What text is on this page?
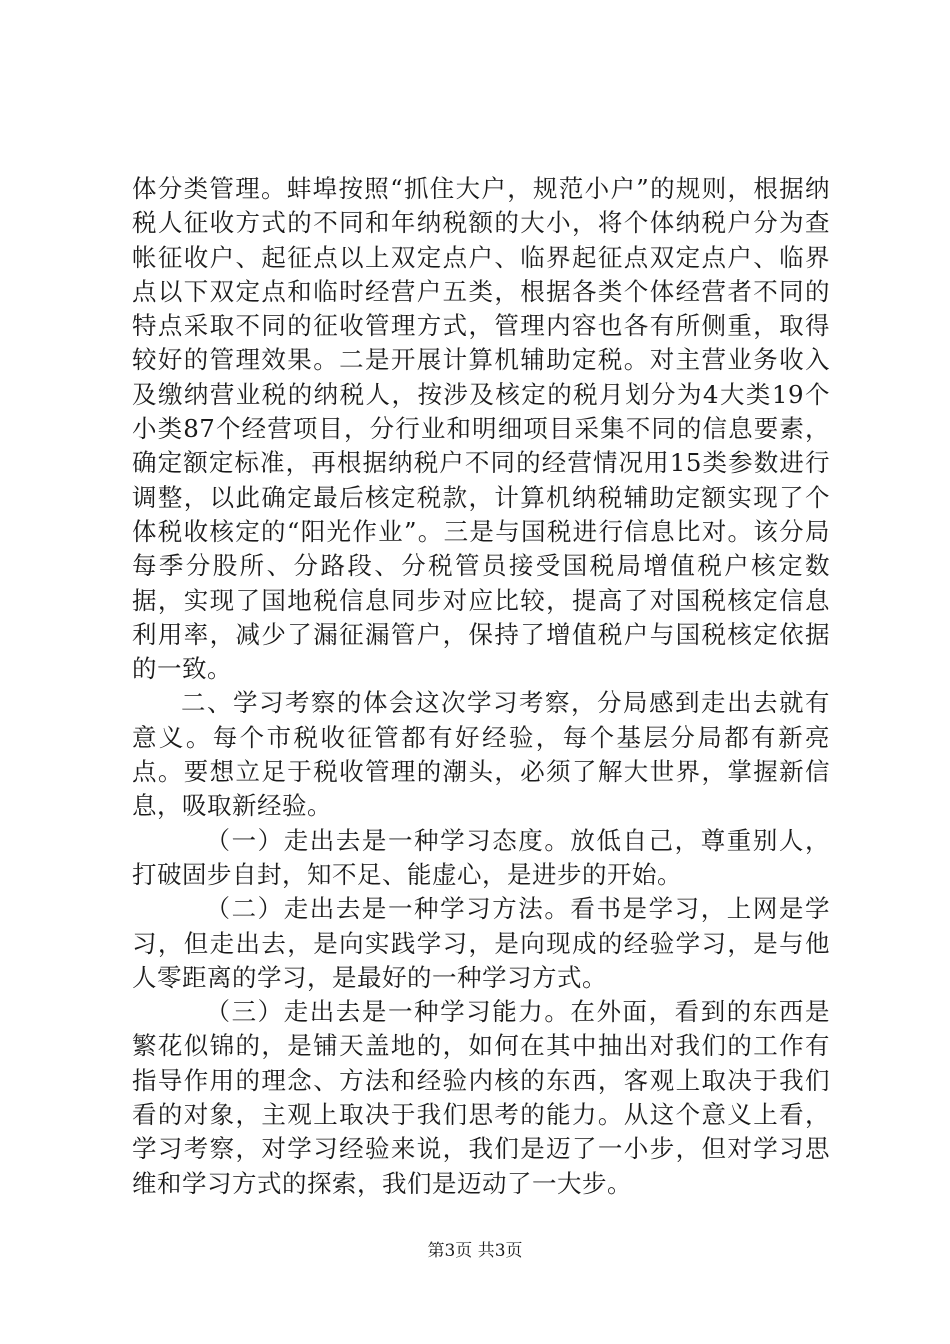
体分类管理。蚌埠按照“抓住大户，规范小户”的规则，根据纳税人征收方式的不同和年纳税额的大小，将个体纳税户分为查帐征收户、起征点以上双定点户、临界起征点双定点户、临界点以下双定点和临时经营户五类，根据各类个体经营者不同的特点采取不同的征收管理方式，管理内容也各有所侧重，取得较好的管理效果。二是开展计算机辅助定税。对主营业务收入及缴纳营业税的纳税人，按涉及核定的税月划分为4大类19个小类87个经营项目，分行业和明细项目采集不同的信息要素，确定额定标准，再根据纳税户不同的经营情况用15类参数进行调整，以此确定最后核定税款，计算机纳税辅助定额实现了个体税收核定的“阳光作业”。三是与国税进行信息比对。该分局每季分股所、分路段、分税管员接受国税局增值税户核定数据，实现了国地税信息同步对应比较，提高了对国税核定信息利用率，减少了漏征漏管户，保持了增值税户与国税核定依据的一致。

二、学习考察的体会这次学习考察，分局感到走出去就有意义。每个市税收征管都有好经验，每个基层分局都有新亮点。要想立足于税收管理的潮头，必须了解大世界，掌握新信息，吸取新经验。

（一）走出去是一种学习态度。放低自己，尊重别人，打破固步自封，知不足、能虚心，是进步的开始。

（二）走出去是一种学习方法。看书是学习，上网是学习，但走出去，是向实践学习，是向现成的经验学习，是与他人零距离的学习，是最好的一种学习方式。

（三）走出去是一种学习能力。在外面，看到的东西是繁花似锦的，是铺天盖地的，如何在其中抽出对我们的工作有指导作用的理念、方法和经验内核的东西，客观上取决于我们看的对象，主观上取决于我们思考的能力。从这个意义上看，学习考察，对学习经验来说，我们是迈了一小步，但对学习思维和学习方式的探索，我们是迈动了一大步。

第3页 共3页
